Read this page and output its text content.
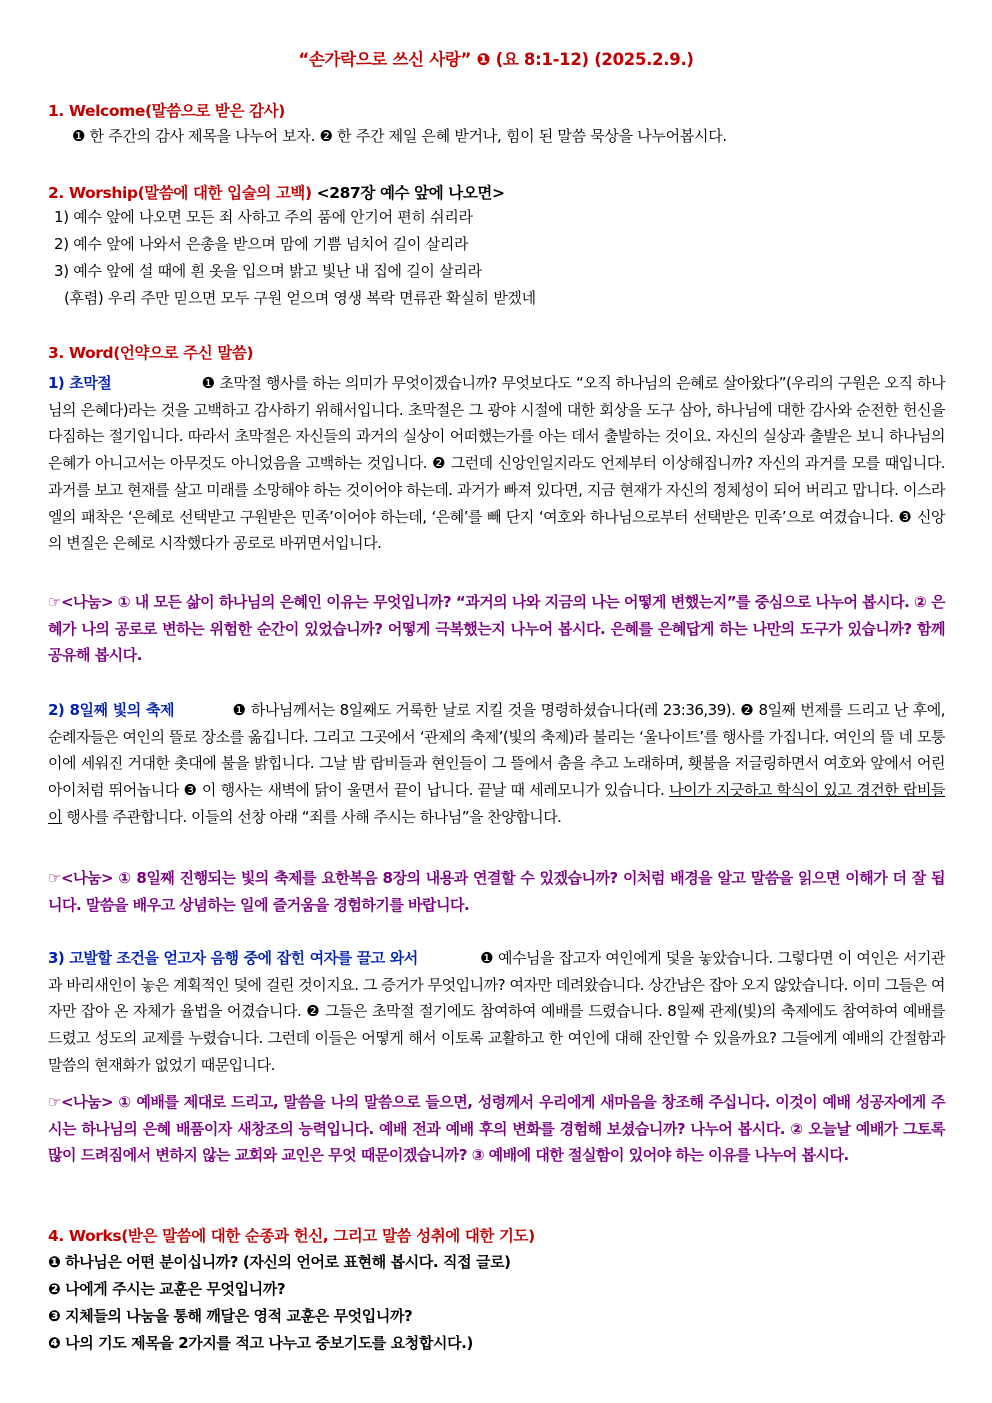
“손가락으로 쓰신 사랑” ❶ (요 8:1-12) (2025.2.9.)
1. Welcome(말씀으로 받은 감사)
❶ 한 주간의 감사 제목을 나누어 보자. ❷ 한 주간 제일 은혜 받거나, 힘이 된 말씀 묵상을 나누어봅시다.
2. Worship(말씀에 대한 입술의 고백) <287장 예수 앞에 나오면>
1) 예수 앞에 나오면 모든 죄 사하고 주의 품에 안기어 편히 쉬리라
2) 예수 앞에 나와서 은총을 받으며 맘에 기쁨 넘치어 길이 살리라
3) 예수 앞에 설 때에 흰 옷을 입으며 밝고 빛난 내 집에 길이 살리라
(후렴) 우리 주만 믿으면 모두 구원 얻으며 영생 복락 면류관 확실히 받겠네
3. Word(언약으로 주신 말씀)
1) 초막절	❶ 초막절 행사를 하는 의미가 무엇이겠습니까? 무엇보다도 “오직 하나님의 은혜로 살아왔다”(우리의 구원은 오직 하나님의 은혜다)라는 것을 고백하고 감사하기 위해서입니다. 초막절은 그 광야 시절에 대한 회상을 도구 삼아, 하나님에 대한 감사와 순전한 헌신을 다짐하는 절기입니다. 따라서 초막절은 자신들의 과거의 실상이 어떠했는가를 아는 데서 출발하는 것이요. 자신의 실상과 출발은 보니 하나님의 은혜가 아니고서는 아무것도 아니었음을 고백하는 것입니다. ❷ 그런데 신앙인일지라도 언제부터 이상해집니까? 자신의 과거를 모를 때입니다. 과거를 보고 현재를 살고 미래를 소망해야 하는 것이어야 하는데. 과거가 빠져 있다면, 지금 현재가 자신의 정체성이 되어 버리고 맙니다. 이스라엘의 패착은 ‘은혜로 선택받고 구원받은 민족’이어야 하는데, ‘은혜’를 빼 단지 ‘여호와 하나님으로부터 선택받은 민족’으로 여겼습니다. ❸ 신앙의 변질은 은혜로 시작했다가 공로로 바뀌면서입니다.
☞<나눔> ① 내 모든 삶이 하나님의 은혜인 이유는 무엇입니까? “과거의 나와 지금의 나는 어떻게 변했는지”를 중심으로 나누어 봅시다. ② 은혜가 나의 공로로 변하는 위험한 순간이 있었습니까? 어떻게 극복했는지 나누어 봅시다. 은혜를 은혜답게 하는 나만의 도구가 있습니까? 함께 공유해 봅시다.
2) 8일째 빛의 축제	❶ 하나님께서는 8일째도 거룩한 날로 지킬 것을 명령하셨습니다(레 23:36,39). ❷ 8일째 번제를 드리고 난 후에, 순례자들은 여인의 뜰로 장소를 옮깁니다. 그리고 그곳에서 ‘관제의 축제’(빛의 축제)라 불리는 ‘울나이트’를 행사를 가집니다. 여인의 뜰 네 모퉁이에 세워진 거대한 촛대에 불을 밝힙니다. 그날 밤 랍비들과 현인들이 그 뜰에서 춤을 추고 노래하며, 횃불을 저글링하면서 여호와 앞에서 어린아이처럼 뛰어놉니다 ❸ 이 행사는 새벽에 닭이 울면서 끝이 납니다. 끝날 때 세레모니가 있습니다. 나이가 지긋하고 학식이 있고 경건한 랍비들이 행사를 주관합니다. 이들의 선창 아래 “죄를 사해 주시는 하나님”을 찬양합니다.
☞<나눔> ① 8일째 진행되는 빛의 축제를 요한복음 8장의 내용과 연결할 수 있겠습니까? 이처럼 배경을 알고 말씀을 읽으면 이해가 더 잘 됩니다. 말씀을 배우고 상념하는 일에 즐거움을 경험하기를 바랍니다.
3) 고발할 조건을 얻고자 음행 중에 잡힌 여자를 끌고 와서	❶ 예수님을 잡고자 여인에게 덫을 놓았습니다. 그렇다면 이 여인은 서기관과 바리새인이 놓은 계획적인 덫에 걸린 것이지요. 그 증거가 무엇입니까? 여자만 데려왔습니다. 상간남은 잡아 오지 않았습니다. 이미 그들은 여자만 잡아 온 자체가 율법을 어겼습니다. ❷ 그들은 초막절 절기에도 참여하여 예배를 드렸습니다. 8일째 관제(빛)의 축제에도 참여하여 예배를 드렸고 성도의 교제를 누렸습니다. 그런데 이들은 어떻게 해서 이토록 교활하고 한 여인에 대해 잔인할 수 있을까요? 그들에게 예배의 간절함과 말씀의 현재화가 없었기 때문입니다.
☞<나눔> ① 예배를 제대로 드리고, 말씀을 나의 말씀으로 들으면, 성령께서 우리에게 새마음을 창조해 주십니다. 이것이 예배 성공자에게 주시는 하나님의 은혜 배품이자 새창조의 능력입니다. 예배 전과 예배 후의 변화를 경험해 보셨습니까? 나누어 봅시다. ② 오늘날 예배가 그토록 많이 드려짐에서 변하지 않는 교회와 교인은 무엇 때문이겠습니까? ③ 예배에 대한 절실함이 있어야 하는 이유를 나누어 봅시다.
4. Works(받은 말씀에 대한 순종과 헌신, 그리고 말씀 성취에 대한 기도)
❶ 하나님은 어떤 분이십니까? (자신의 언어로 표현해 봅시다. 직접 글로)
❷ 나에게 주시는 교훈은 무엇입니까?
❸ 지체들의 나눔을 통해 깨달은 영적 교훈은 무엇입니까?
❹ 나의 기도 제목을 2가지를 적고 나누고 중보기도를 요청합시다.)
